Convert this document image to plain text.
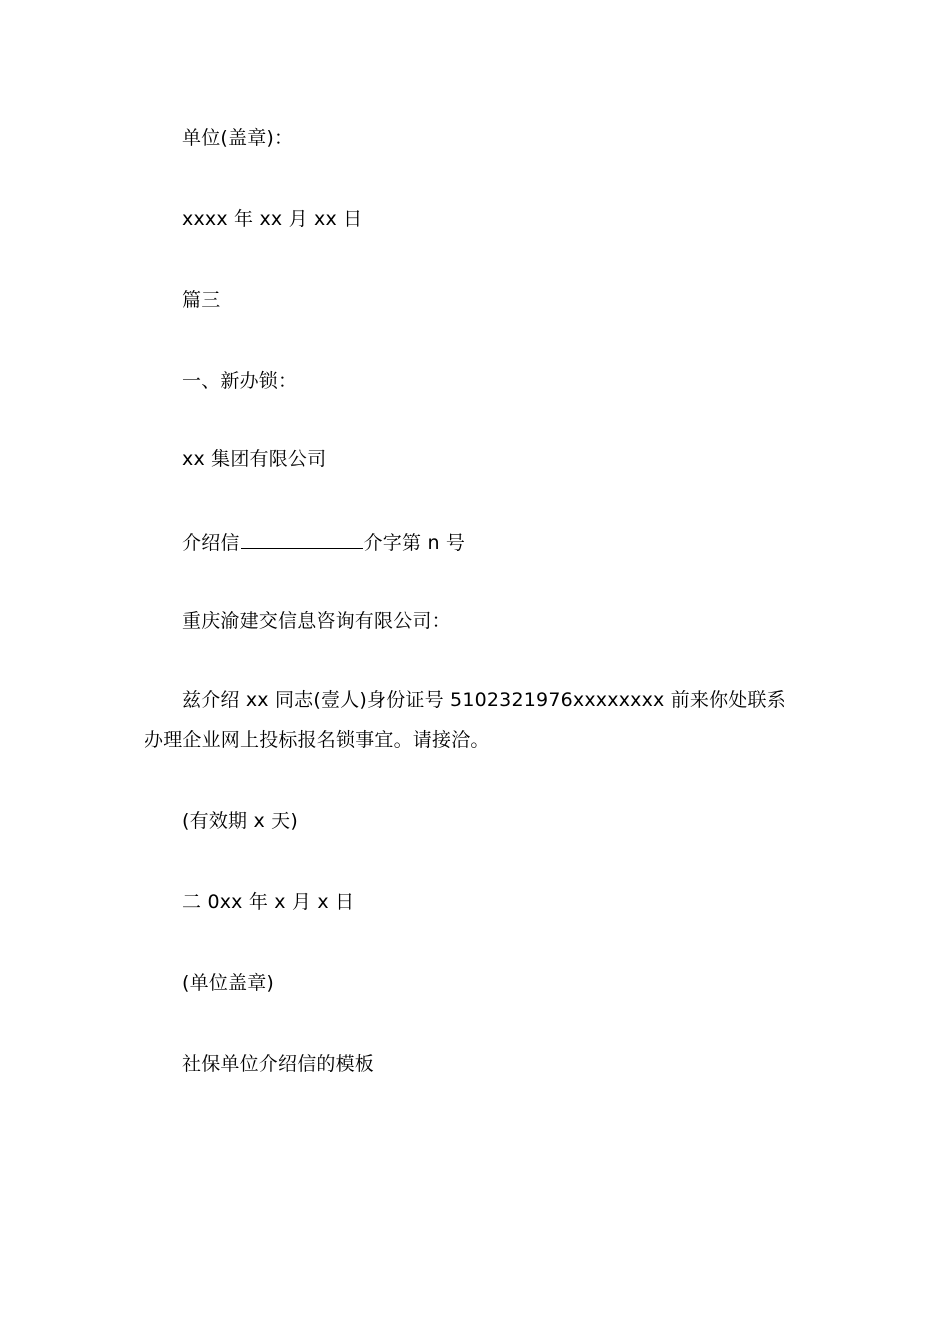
单位(盖章)：
xxxx 年 xx 月 xx 日
篇三
一、新办锁：
xx 集团有限公司
介绍信	介字第 n 号
重庆渝建交信息咨询有限公司：
兹介绍 xx 同志(壹人)身份证号 5102321976xxxxxxxx 前来你处联系办理企业网上投标报名锁事宜。请接洽。
(有效期 x 天)
二 0xx 年 x 月 x 日
(单位盖章)
社保单位介绍信的模板
